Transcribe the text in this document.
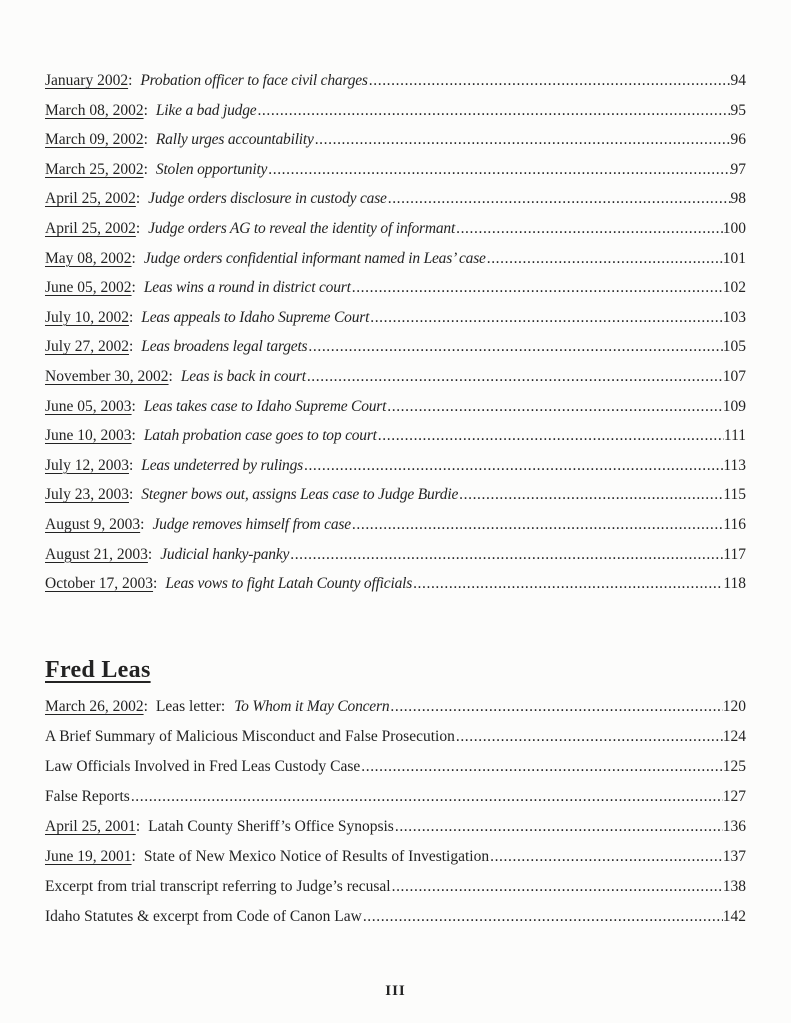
January 2002 : Probation officer to face civil charges .....	94
March 08, 2002 : Like a bad judge .....	95
March 09, 2002 : Rally urges accountability .....	96
March 25, 2002 : Stolen opportunity .....	97
April 25, 2002 : Judge orders disclosure in custody case .....	98
April 25, 2002 : Judge orders AG to reveal the identity of informant .....	100
May 08, 2002 : Judge orders confidential informant named in Leas’ case .....	101
June 05, 2002 : Leas wins a round in district court .....	102
July 10, 2002 : Leas appeals to Idaho Supreme Court .....	103
July 27, 2002 : Leas broadens legal targets .....	105
November 30, 2002 : Leas is back in court .....	107
June 05, 2003 : Leas takes case to Idaho Supreme Court .....	109
June 10, 2003 : Latah probation case goes to top court .....	111
July 12, 2003 : Leas undeterred by rulings .....	113
July 23, 2003 : Stegner bows out, assigns Leas case to Judge Burdie .....	115
August 9, 2003 : Judge removes himself from case .....	116
August 21, 2003 : Judicial hanky-panky .....	117
October 17, 2003 : Leas vows to fight Latah County officials .....	118
Fred Leas
March 26, 2002 : Leas letter : To Whom it May Concern .....	120
A Brief Summary of Malicious Misconduct and False Prosecution .....	124
Law Officials Involved in Fred Leas Custody Case .....	125
False Reports .....	127
April 25, 2001 : Latah County Sheriff’s Office Synopsis .....	136
June 19, 2001 : State of New Mexico Notice of Results of Investigation .....	137
Excerpt from trial transcript referring to Judge’s recusal .....	138
Idaho Statutes & excerpt from Code of Canon Law .....	142
III
